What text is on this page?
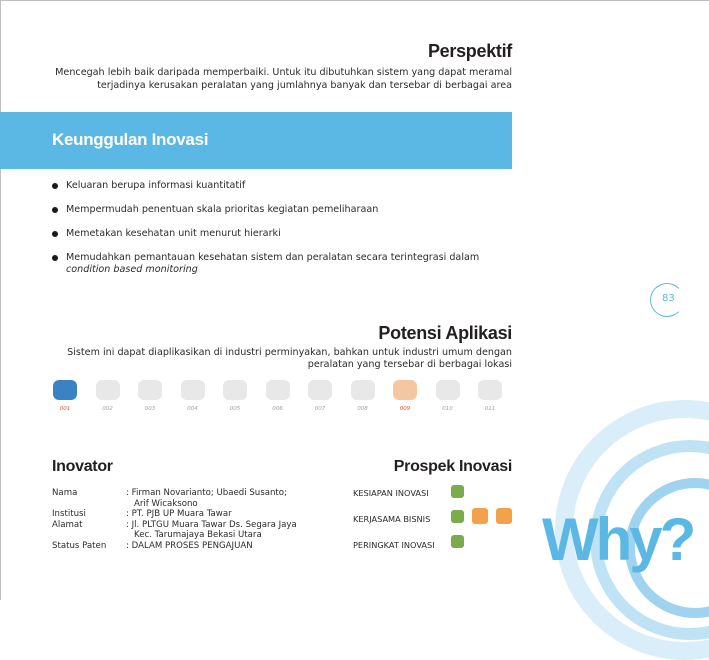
Perspektif
Mencegah lebih baik daripada memperbaiki. Untuk itu dibutuhkan sistem yang dapat meramal terjadinya kerusakan peralatan yang jumlahnya banyak dan tersebar di berbagai area
Keunggulan Inovasi
Keluaran berupa informasi kuantitatif
Mempermudah penentuan skala prioritas kegiatan pemeliharaan
Memetakan kesehatan unit menurut hierarki
Memudahkan pemantauan kesehatan sistem dan peralatan secara terintegrasi dalam condition based monitoring
83
Potensi Aplikasi
Sistem ini dapat diaplikasikan di industri perminyakan, bahkan untuk industri umum dengan peralatan yang tersebar di berbagai lokasi
001	002	003	004	005	006	007	008	009	010	011
Inovator
Nama	: Firman Novarianto; Ubaedi Susanto;
	Arif Wicaksono
Institusi	: PT. PJB UP Muara Tawar
Alamat	: Jl. PLTGU Muara Tawar Ds. Segara Jaya
	Kec. Tarumajaya Bekasi Utara
Status Paten	: DALAM PROSES PENGAJUAN
Prospek Inovasi
KESIAPAN INOVASI
KERJASAMA BISNIS
PERINGKAT INOVASI Why?
